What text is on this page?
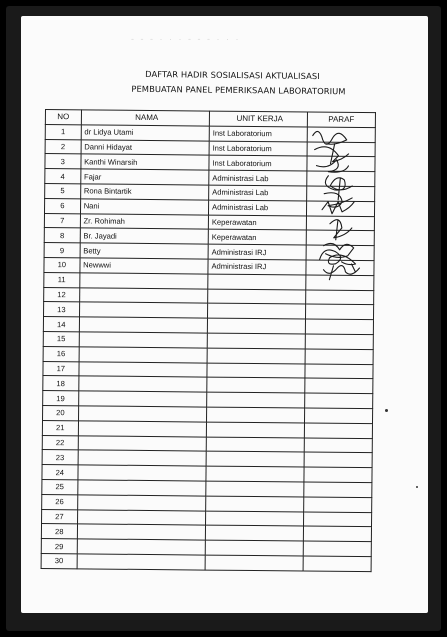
- - - · · · - - - · · ·
DAFTAR HADIR SOSIALISASI AKTUALISASI
PEMBUATAN PANEL PEMERIKSAAN LABORATORIUM
NO	NAMA	UNIT KERJA	PARAF
1	dr Lidya Utami	Inst Laboratorium	
2	Danni Hidayat	Inst Laboratorium	
3	Kanthi Winarsih	Inst Laboratorium	
4	Fajar	Administrasi Lab	
5	Rona Bintartik	Administrasi Lab	
6	Nani	Administrasi Lab	
7	Zr. Rohimah	Keperawatan	
8	Br. Jayadi	Keperawatan	
9	Betty	Administrasi IRJ	
10	Newwwi	Administrasi IRJ	
11			
12			
13			
14			
15			
16			
17			
18			
19			
20			
21			
22			
23			
24			
25			
26			
27			
28			
29			
30			
